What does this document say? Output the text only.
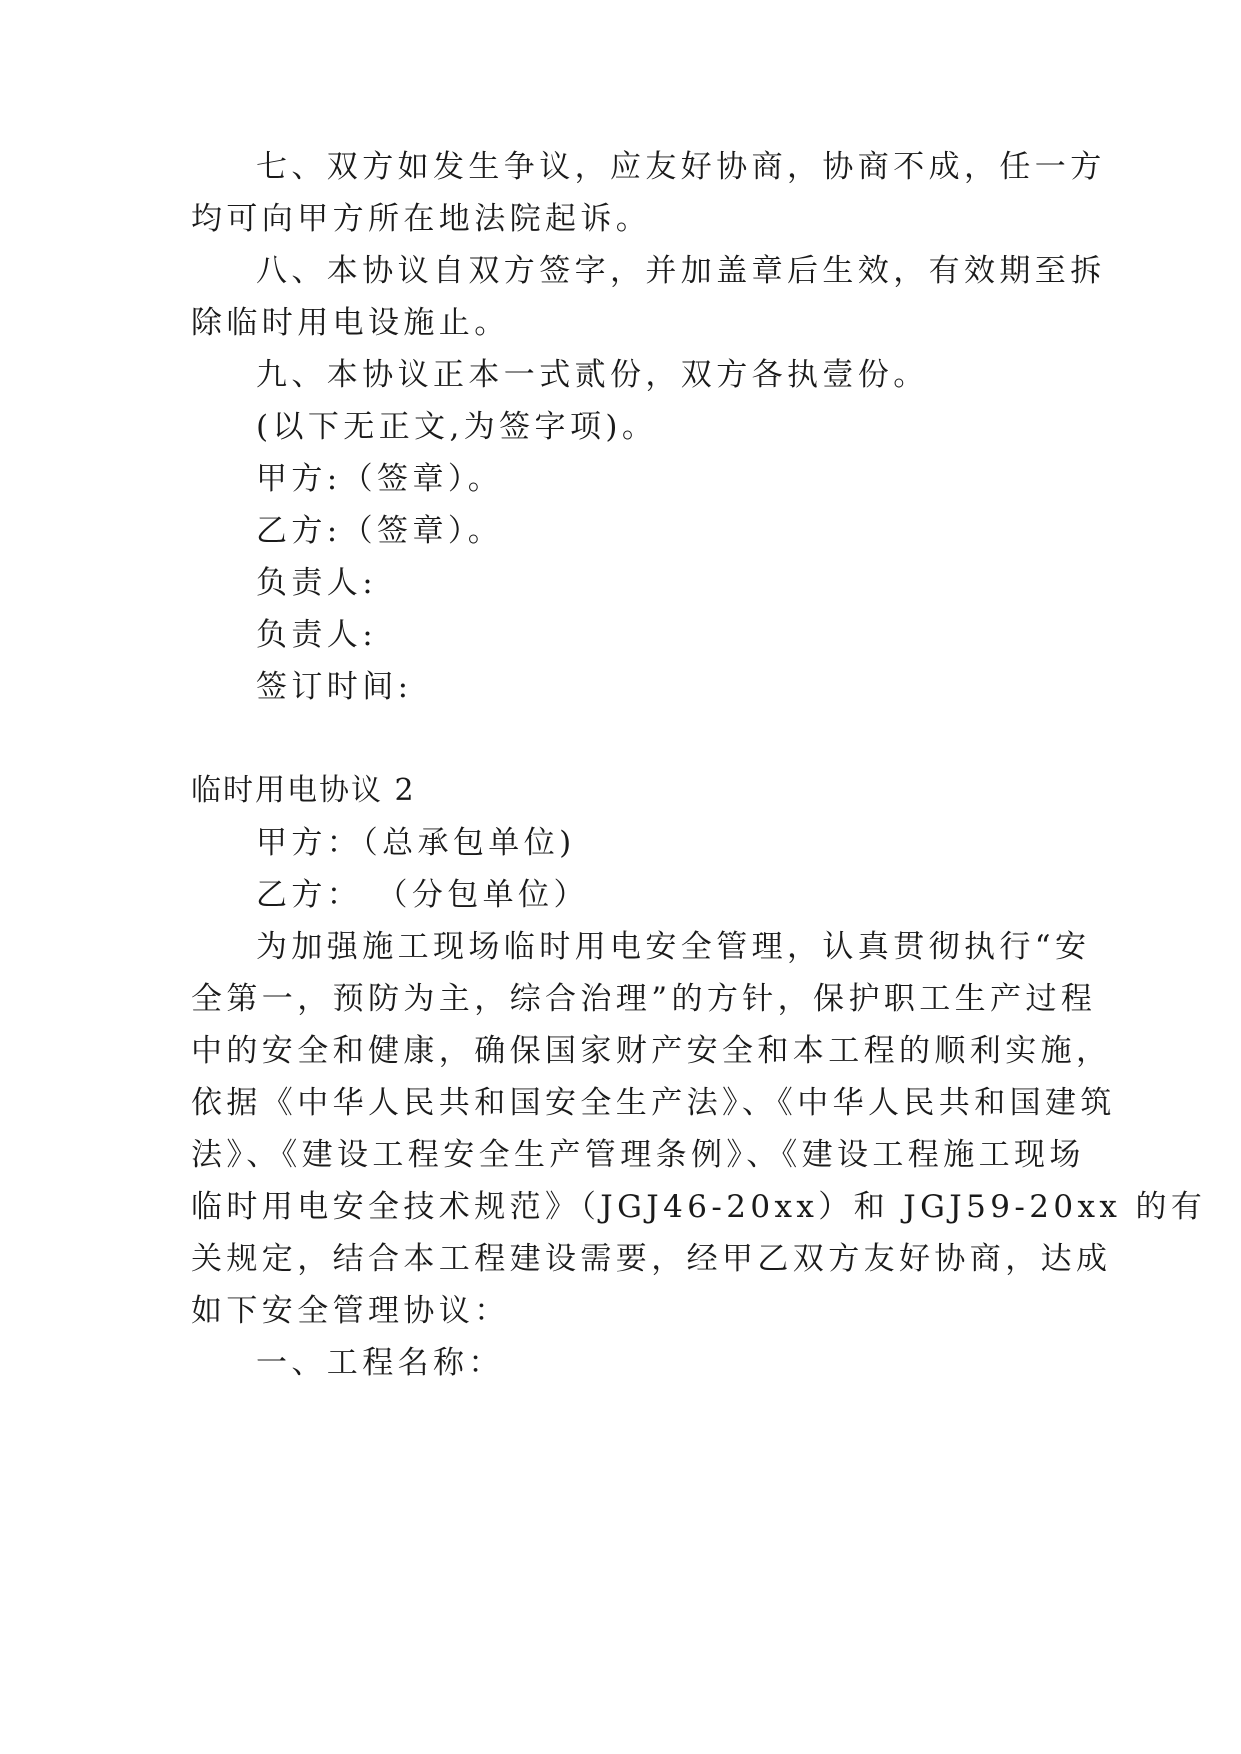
七、双方如发生争议，应友好协商，协商不成，任一方
均可向甲方所在地法院起诉。
八、本协议自双方签字，并加盖章后生效，有效期至拆
除临时用电设施止。
九、本协议正本一式贰份，双方各执壹份。
(以下无正文,为签字项)。
甲方:（签章）。
乙方:（签章）。
负责人:
负责人:
签订时间:
临时用电协议 2
甲方：（总承包单位)
乙方： （分包单位）
为加强施工现场临时用电安全管理，认真贯彻执行“安
全第一，预防为主，综合治理”的方针，保护职工生产过程
中的安全和健康，确保国家财产安全和本工程的顺利实施，
依据《中华人民共和国安全生产法》、《中华人民共和国建筑
法》、《建设工程安全生产管理条例》、《建设工程施工现场
临时用电安全技术规范》（JGJ46-20xx）和 JGJ59-20xx 的有
关规定，结合本工程建设需要，经甲乙双方友好协商，达成
如下安全管理协议：
一、工程名称：
